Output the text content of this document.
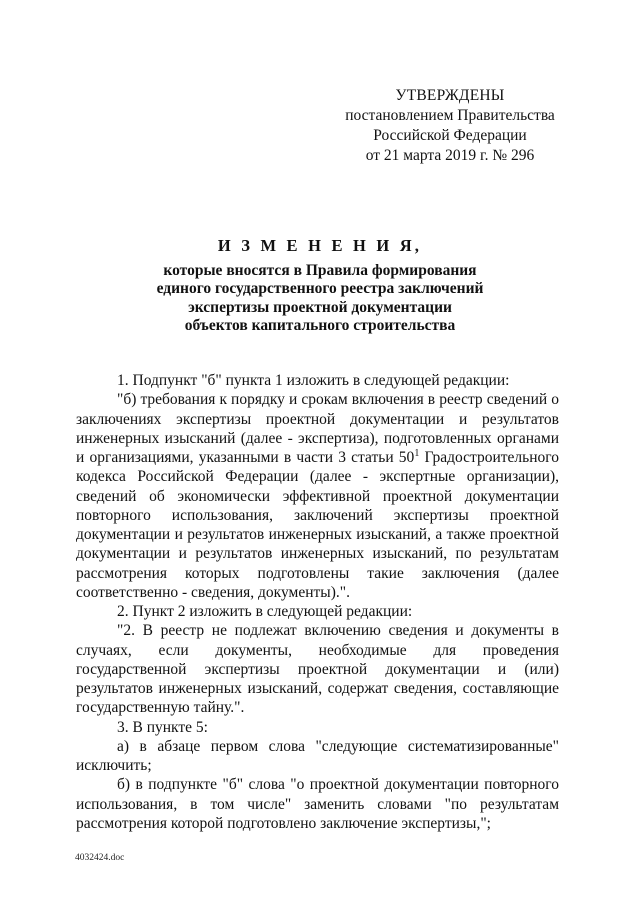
УТВЕРЖДЕНЫ
постановлением Правительства
Российской Федерации
от 21 марта 2019 г. № 296
И З М Е Н Е Н И Я,
которые вносятся в Правила формирования
единого государственного реестра заключений
экспертизы проектной документации
объектов капитального строительства

1. Подпункт "б" пункта 1 изложить в следующей редакции:

"б) требования к порядку и срокам включения в реестр сведений о заключениях экспертизы проектной документации и результатов инженерных изысканий (далее - экспертиза), подготовленных органами и организациями, указанными в части 3 статьи $50^1$ Градостроительного кодекса Российской Федерации (далее - экспертные организации), сведений об экономически эффективной проектной документации повторного использования, заключений экспертизы проектной документации и результатов инженерных изысканий, а также проектной документации и результатов инженерных изысканий, по результатам рассмотрения которых подготовлены такие заключения (далее соответственно - сведения, документы).".

2. Пункт 2 изложить в следующей редакции:

"2. В реестр не подлежат включению сведения и документы в случаях, если документы, необходимые для проведения государственной экспертизы проектной документации и (или) результатов инженерных изысканий, содержат сведения, составляющие государственную тайну.".

3. В пункте 5:

а) в абзаце первом слова "следующие систематизированные" исключить;

б) в подпункте "б" слова "о проектной документации повторного использования, в том числе" заменить словами "по результатам рассмотрения которой подготовлено заключение экспертизы,";

4032424.doc
